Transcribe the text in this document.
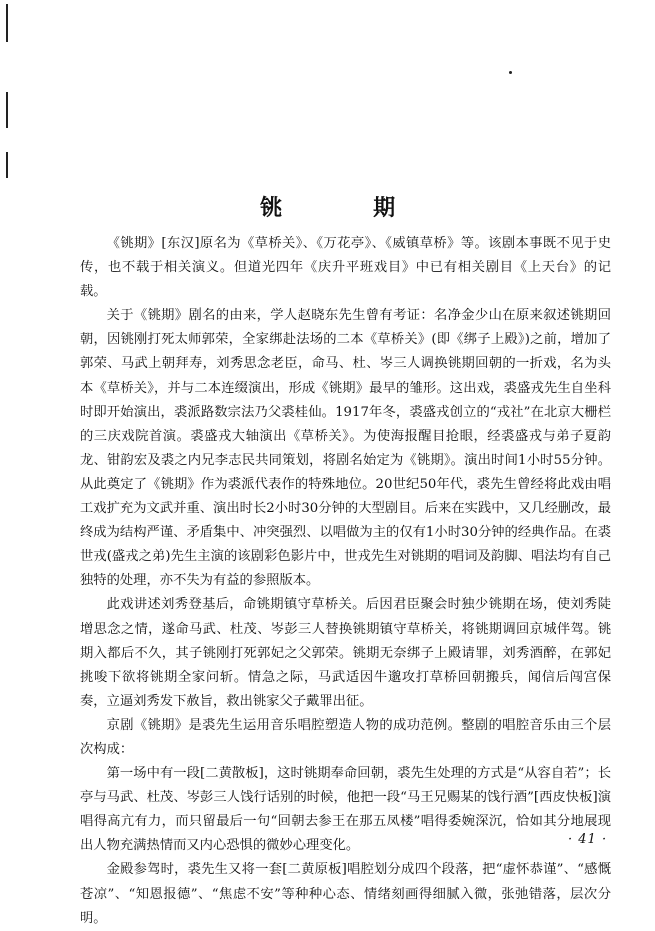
铫 期

《铫期》[东汉]原名为《草桥关》、《万花亭》、《威镇草桥》等。该剧本事既不见于史传，也不载于相关演义。但道光四年《庆升平班戏目》中已有相关剧目《上天台》的记载。

关于《铫期》剧名的由来，学人赵晓东先生曾有考证：名净金少山在原来叙述铫期回朝，因铫刚打死太师郭荣，全家绑赴法场的二本《草桥关》(即《绑子上殿》)之前，增加了郭荣、马武上朝拜寿，刘秀思念老臣，命马、杜、岑三人调换铫期回朝的一折戏，名为头本《草桥关》，并与二本连缀演出，形成《铫期》最早的雏形。这出戏，裘盛戎先生自坐科时即开始演出，裘派路数宗法乃父裘桂仙。1917年冬，裘盛戎创立的“戎社”在北京大栅栏的三庆戏院首演。裘盛戎大轴演出《草桥关》。为使海报醒目抢眼，经裘盛戎与弟子夏韵龙、钳韵宏及裘之内兄李志民共同策划，将剧名始定为《铫期》。演出时间1小时55分钟。从此奠定了《铫期》作为裘派代表作的特殊地位。20世纪50年代，裘先生曾经将此戏由唱工戏扩充为文武并重、演出时长2小时30分钟的大型剧目。后来在实践中，又几经删改，最终成为结构严谨、矛盾集中、冲突强烈、以唱做为主的仅有1小时30分钟的经典作品。在裘世戎(盛戎之弟)先生主演的该剧彩色影片中，世戎先生对铫期的唱词及韵脚、唱法均有自己独特的处理，亦不失为有益的参照版本。

此戏讲述刘秀登基后，命铫期镇守草桥关。后因君臣聚会时独少铫期在场，使刘秀陡增思念之情，遂命马武、杜茂、岑彭三人替换铫期镇守草桥关，将铫期调回京城伴驾。铫期入都后不久，其子铫刚打死郭妃之父郭荣。铫期无奈绑子上殿请罪，刘秀酒醉，在郭妃挑唆下欲将铫期全家问斩。情急之际，马武适因牛邈攻打草桥回朝搬兵，闻信后闯宫保奏，立逼刘秀发下赦旨，救出铫家父子戴罪出征。

京剧《铫期》是裘先生运用音乐唱腔塑造人物的成功范例。整剧的唱腔音乐由三个层次构成：

第一场中有一段[二黄散板]，这时铫期奉命回朝，裘先生处理的方式是“从容自若”；长亭与马武、杜茂、岑彭三人饯行话别的时候，他把一段“马王兄赐某的饯行酒”[西皮快板]演唱得高亢有力，而只留最后一句“回朝去参王在那五凤楼”唱得委婉深沉，恰如其分地展现出人物充满热情而又内心恐惧的微妙心理变化。

金殿参驾时，裘先生又将一套[二黄原板]唱腔划分成四个段落，把“虚怀恭谨”、“感慨苍凉”、“知恩报德”、“焦虑不安”等种种心态、情绪刻画得细腻入微，张弛错落，层次分明。

· 41 ·
